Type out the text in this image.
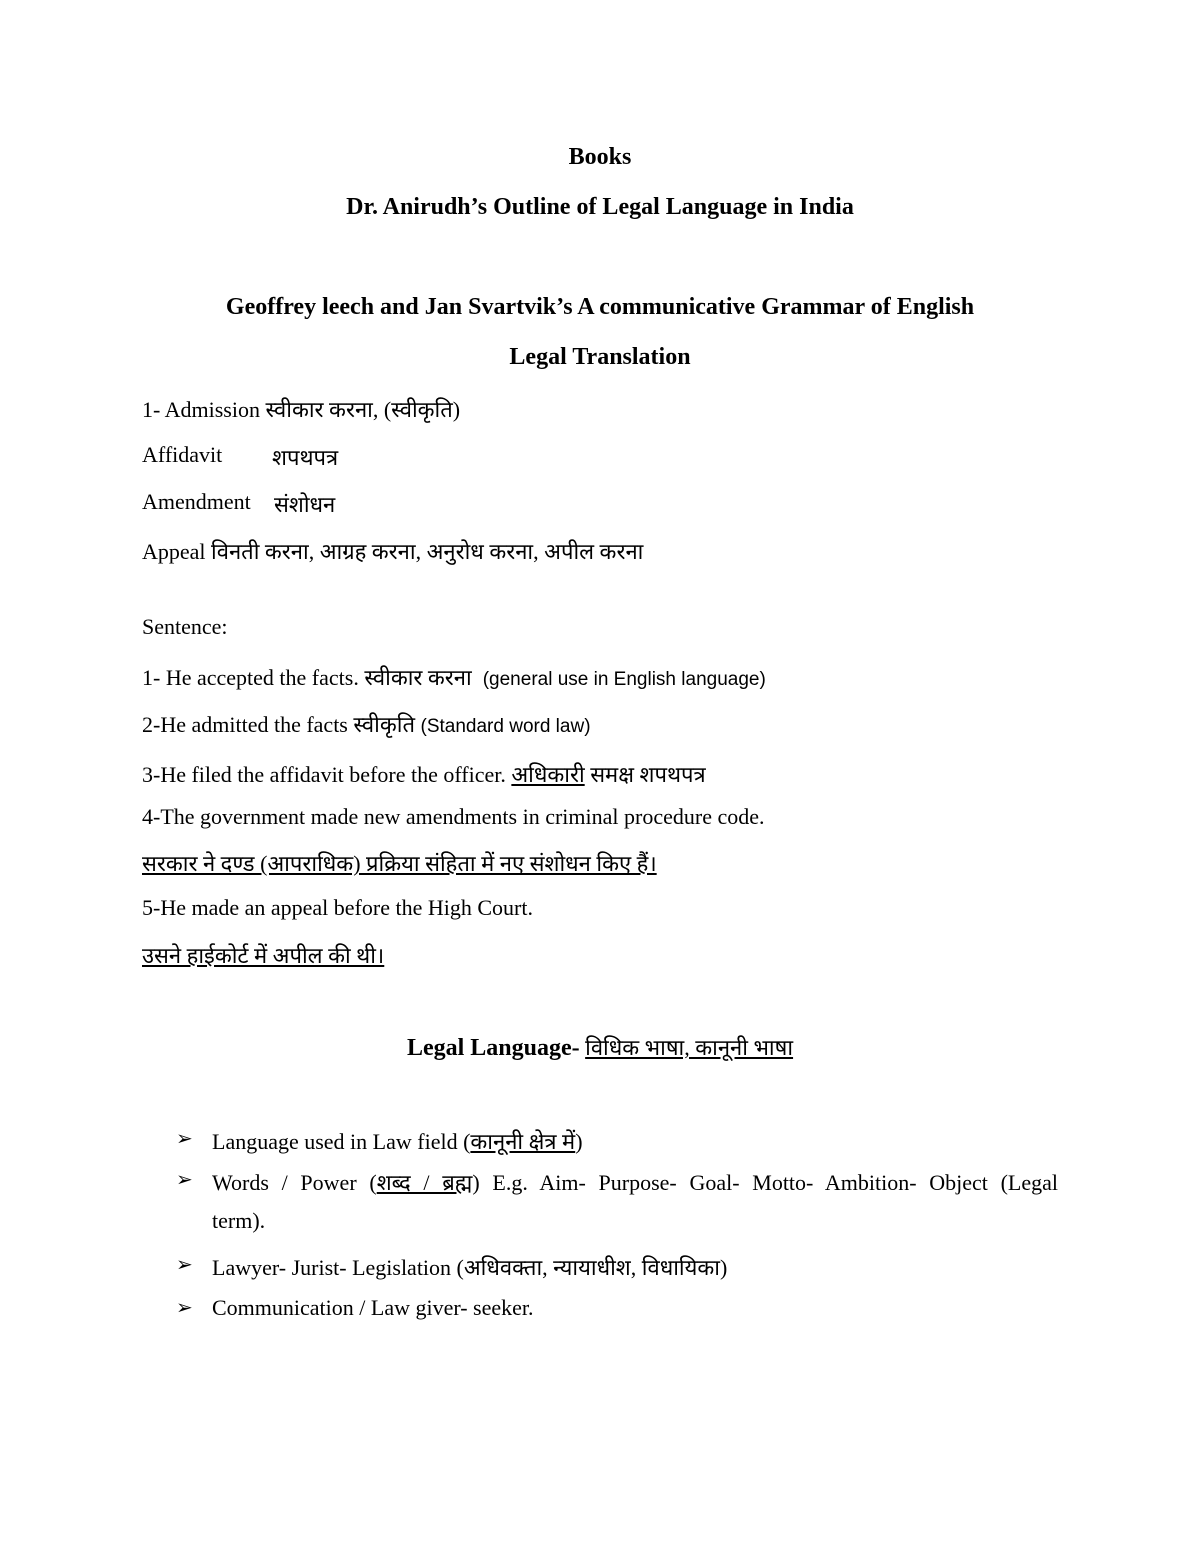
Books
Dr. Anirudh’s Outline of Legal Language in India
Geoffrey leech and Jan Svartvik’s A communicative Grammar of English
Legal Translation
1- Admission स्वीकार करना, (स्वीकृति)
Affidavit शपथपत्र
Amendment संशोधन
Appeal विनती करना, आग्रह करना, अनुरोध करना, अपील करना
Sentence:
1- He accepted the facts. स्वीकार करना (general use in English language)
2-He admitted the facts स्वीकृति (Standard word law)
3-He filed the affidavit before the officer. अधिकारी समक्ष शपथपत्र
4-The government made new amendments in criminal procedure code.
सरकार ने दण्ड (आपराधिक) प्रक्रिया संहिता में नए संशोधन किए हैं।
5-He made an appeal before the High Court.
उसने हाईकोर्ट में अपील की थी।
Legal Language- विधिक भाषा, कानूनी भाषा
➢ Language used in Law field (कानूनी क्षेत्र में)
➢ Words / Power (शब्द / ब्रह्म) E.g. Aim- Purpose- Goal- Motto- Ambition- Object (Legal
term).
➢ Lawyer- Jurist- Legislation (अधिवक्ता, न्यायाधीश, विधायिका)
➢ Communication / Law giver- seeker.
